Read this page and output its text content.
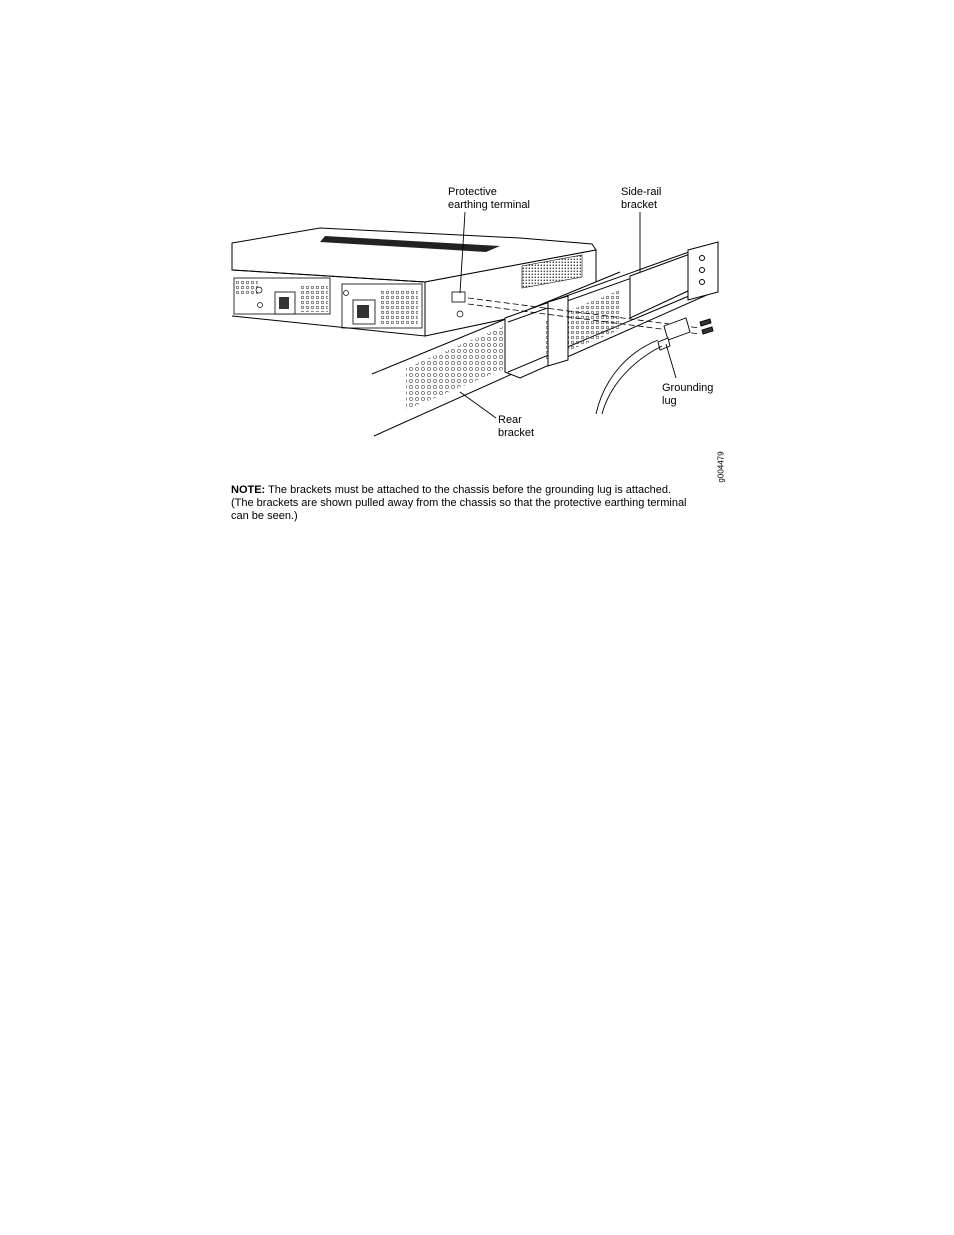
Protective
earthing terminal
Side-rail
bracket
Grounding
lug
Rear
bracket
g004479

NOTE: The brackets must be attached to the chassis before the grounding lug is attached.

(The brackets are shown pulled away from the chassis so that the protective earthing terminal

can be seen.)
